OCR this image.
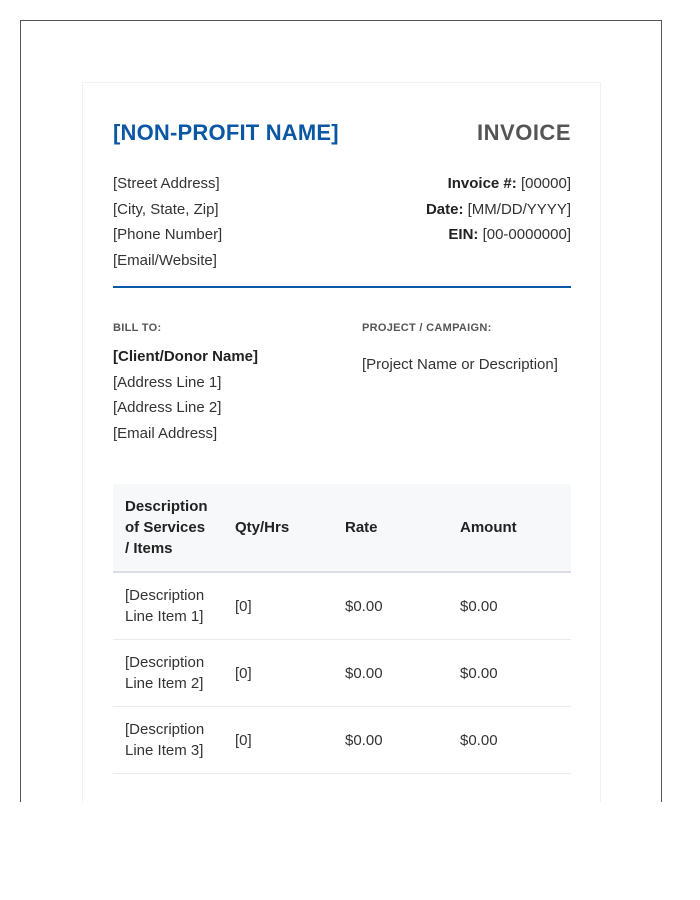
[NON-PROFIT NAME]	INVOICE
[Street Address]
[City, State, Zip]
[Phone Number]
[Email/Website]
Invoice #: [00000]
Date: [MM/DD/YYYY]
EIN: [00-0000000]
BILL TO:
[Client/Donor Name]
[Address Line 1]
[Address Line 2]
[Email Address]
PROJECT / CAMPAIGN:
[Project Name or Description]
Description of Services / Items	Qty/Hrs	Rate	Amount
[Description Line Item 1]	[0]	$0.00	$0.00
[Description Line Item 2]	[0]	$0.00	$0.00
[Description Line Item 3]	[0]	$0.00	$0.00
